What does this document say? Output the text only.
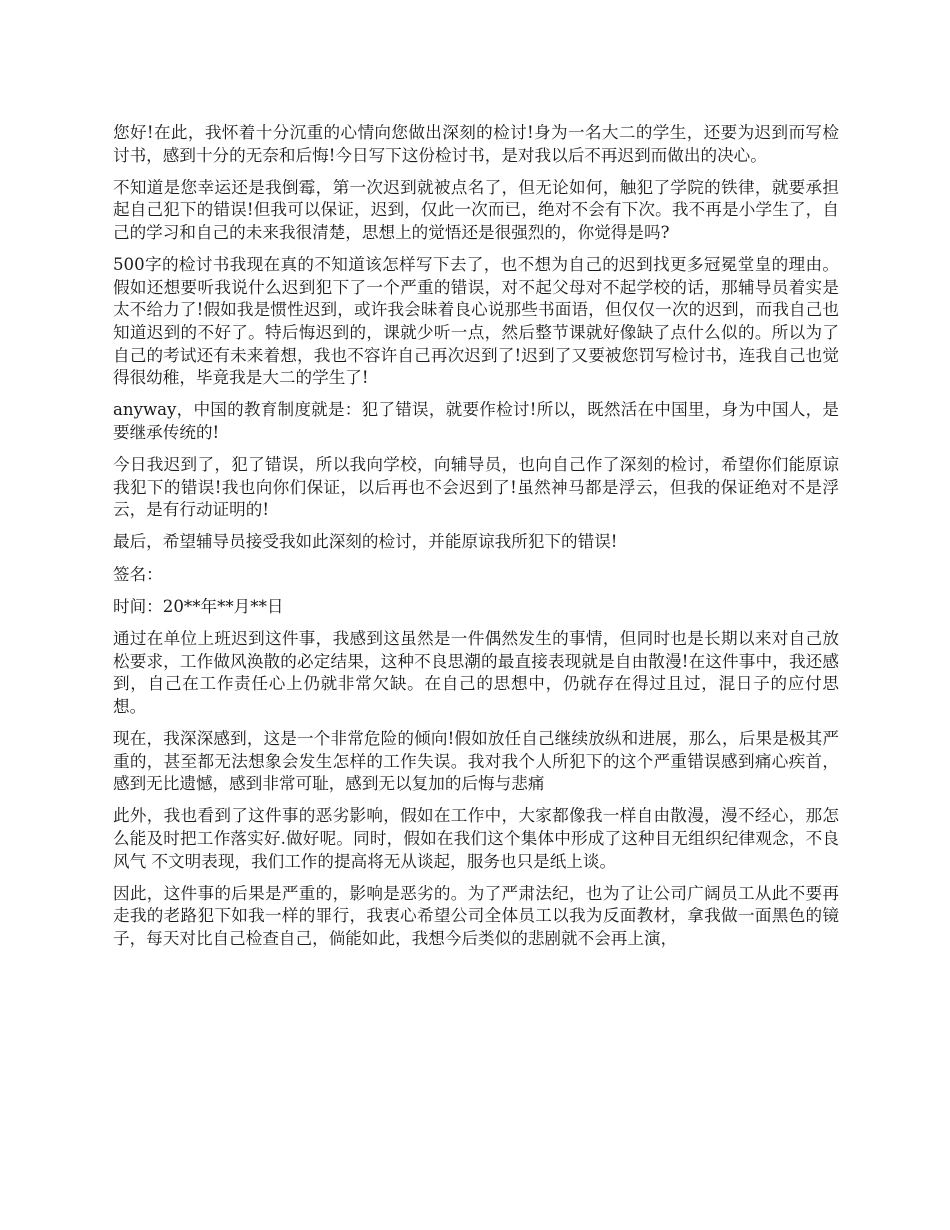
您好!在此，我怀着十分沉重的心情向您做出深刻的检讨!身为一名大二的学生，还要为迟到而写检讨书，感到十分的无奈和后悔!今日写下这份检讨书，是对我以后不再迟到而做出的决心。

不知道是您幸运还是我倒霉，第一次迟到就被点名了，但无论如何，触犯了学院的铁律，就要承担起自己犯下的错误!但我可以保证，迟到，仅此一次而已，绝对不会有下次。我不再是小学生了，自己的学习和自己的未来我很清楚，思想上的觉悟还是很强烈的，你觉得是吗?

500字的检讨书我现在真的不知道该怎样写下去了，也不想为自己的迟到找更多冠冕堂皇的理由。假如还想要听我说什么迟到犯下了一个严重的错误，对不起父母对不起学校的话，那辅导员着实是太不给力了!假如我是惯性迟到，或许我会昧着良心说那些书面语，但仅仅一次的迟到，而我自己也知道迟到的不好了。特后悔迟到的，课就少听一点，然后整节课就好像缺了点什么似的。所以为了自己的考试还有未来着想，我也不容许自己再次迟到了!迟到了又要被您罚写检讨书，连我自己也觉得很幼稚，毕竟我是大二的学生了!

anyway，中国的教育制度就是：犯了错误，就要作检讨!所以，既然活在中国里，身为中国人，是要继承传统的!

今日我迟到了，犯了错误，所以我向学校，向辅导员，也向自己作了深刻的检讨，希望你们能原谅我犯下的错误!我也向你们保证，以后再也不会迟到了!虽然神马都是浮云，但我的保证绝对不是浮云，是有行动证明的!

最后，希望辅导员接受我如此深刻的检讨，并能原谅我所犯下的错误!

签名：

时间：20**年**月**日

通过在单位上班迟到这件事，我感到这虽然是一件偶然发生的事情，但同时也是长期以来对自己放松要求，工作做风涣散的必定结果，这种不良思潮的最直接表现就是自由散漫!在这件事中，我还感到，自己在工作责任心上仍就非常欠缺。在自己的思想中，仍就存在得过且过，混日子的应付思想。

现在，我深深感到，这是一个非常危险的倾向!假如放任自己继续放纵和进展，那么，后果是极其严重的，甚至都无法想象会发生怎样的工作失误。我对我个人所犯下的这个严重错误感到痛心疾首，感到无比遗憾，感到非常可耻，感到无以复加的后悔与悲痛

此外，我也看到了这件事的恶劣影响，假如在工作中，大家都像我一样自由散漫，漫不经心，那怎么能及时把工作落实好.做好呢。同时，假如在我们这个集体中形成了这种目无组织纪律观念，不良风气 不文明表现，我们工作的提高将无从谈起，服务也只是纸上谈。

因此，这件事的后果是严重的，影响是恶劣的。为了严肃法纪，也为了让公司广阔员工从此不要再走我的老路犯下如我一样的罪行，我衷心希望公司全体员工以我为反面教材，拿我做一面黑色的镜子，每天对比自己检查自己，倘能如此，我想今后类似的悲剧就不会再上演，
